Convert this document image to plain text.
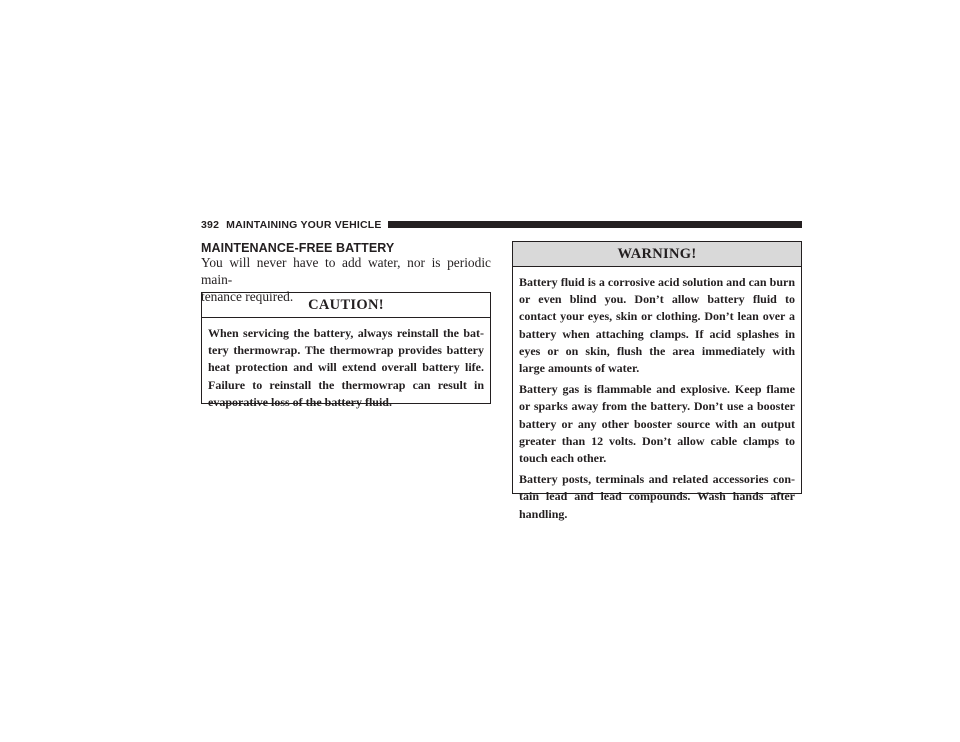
392 MAINTAINING YOUR VEHICLE
MAINTENANCE-FREE BATTERY

You will never have to add water, nor is periodic main-
tenance required.

CAUTION!
When servicing the battery, always reinstall the bat-
tery thermowrap. The thermowrap provides battery
heat protection and will extend overall battery life.
Failure to reinstall the thermowrap can result in
evaporative loss of the battery fluid.
WARNING!
Battery fluid is a corrosive acid solution and can burn
or even blind you. Don’t allow battery fluid to
contact your eyes, skin or clothing. Don’t lean over a
battery when attaching clamps. If acid splashes in
eyes or on skin, flush the area immediately with
large amounts of water.
Battery gas is flammable and explosive. Keep flame
or sparks away from the battery. Don’t use a booster
battery or any other booster source with an output
greater than 12 volts. Don’t allow cable clamps to
touch each other.
Battery posts, terminals and related accessories con-
tain lead and lead compounds. Wash hands after
handling.
